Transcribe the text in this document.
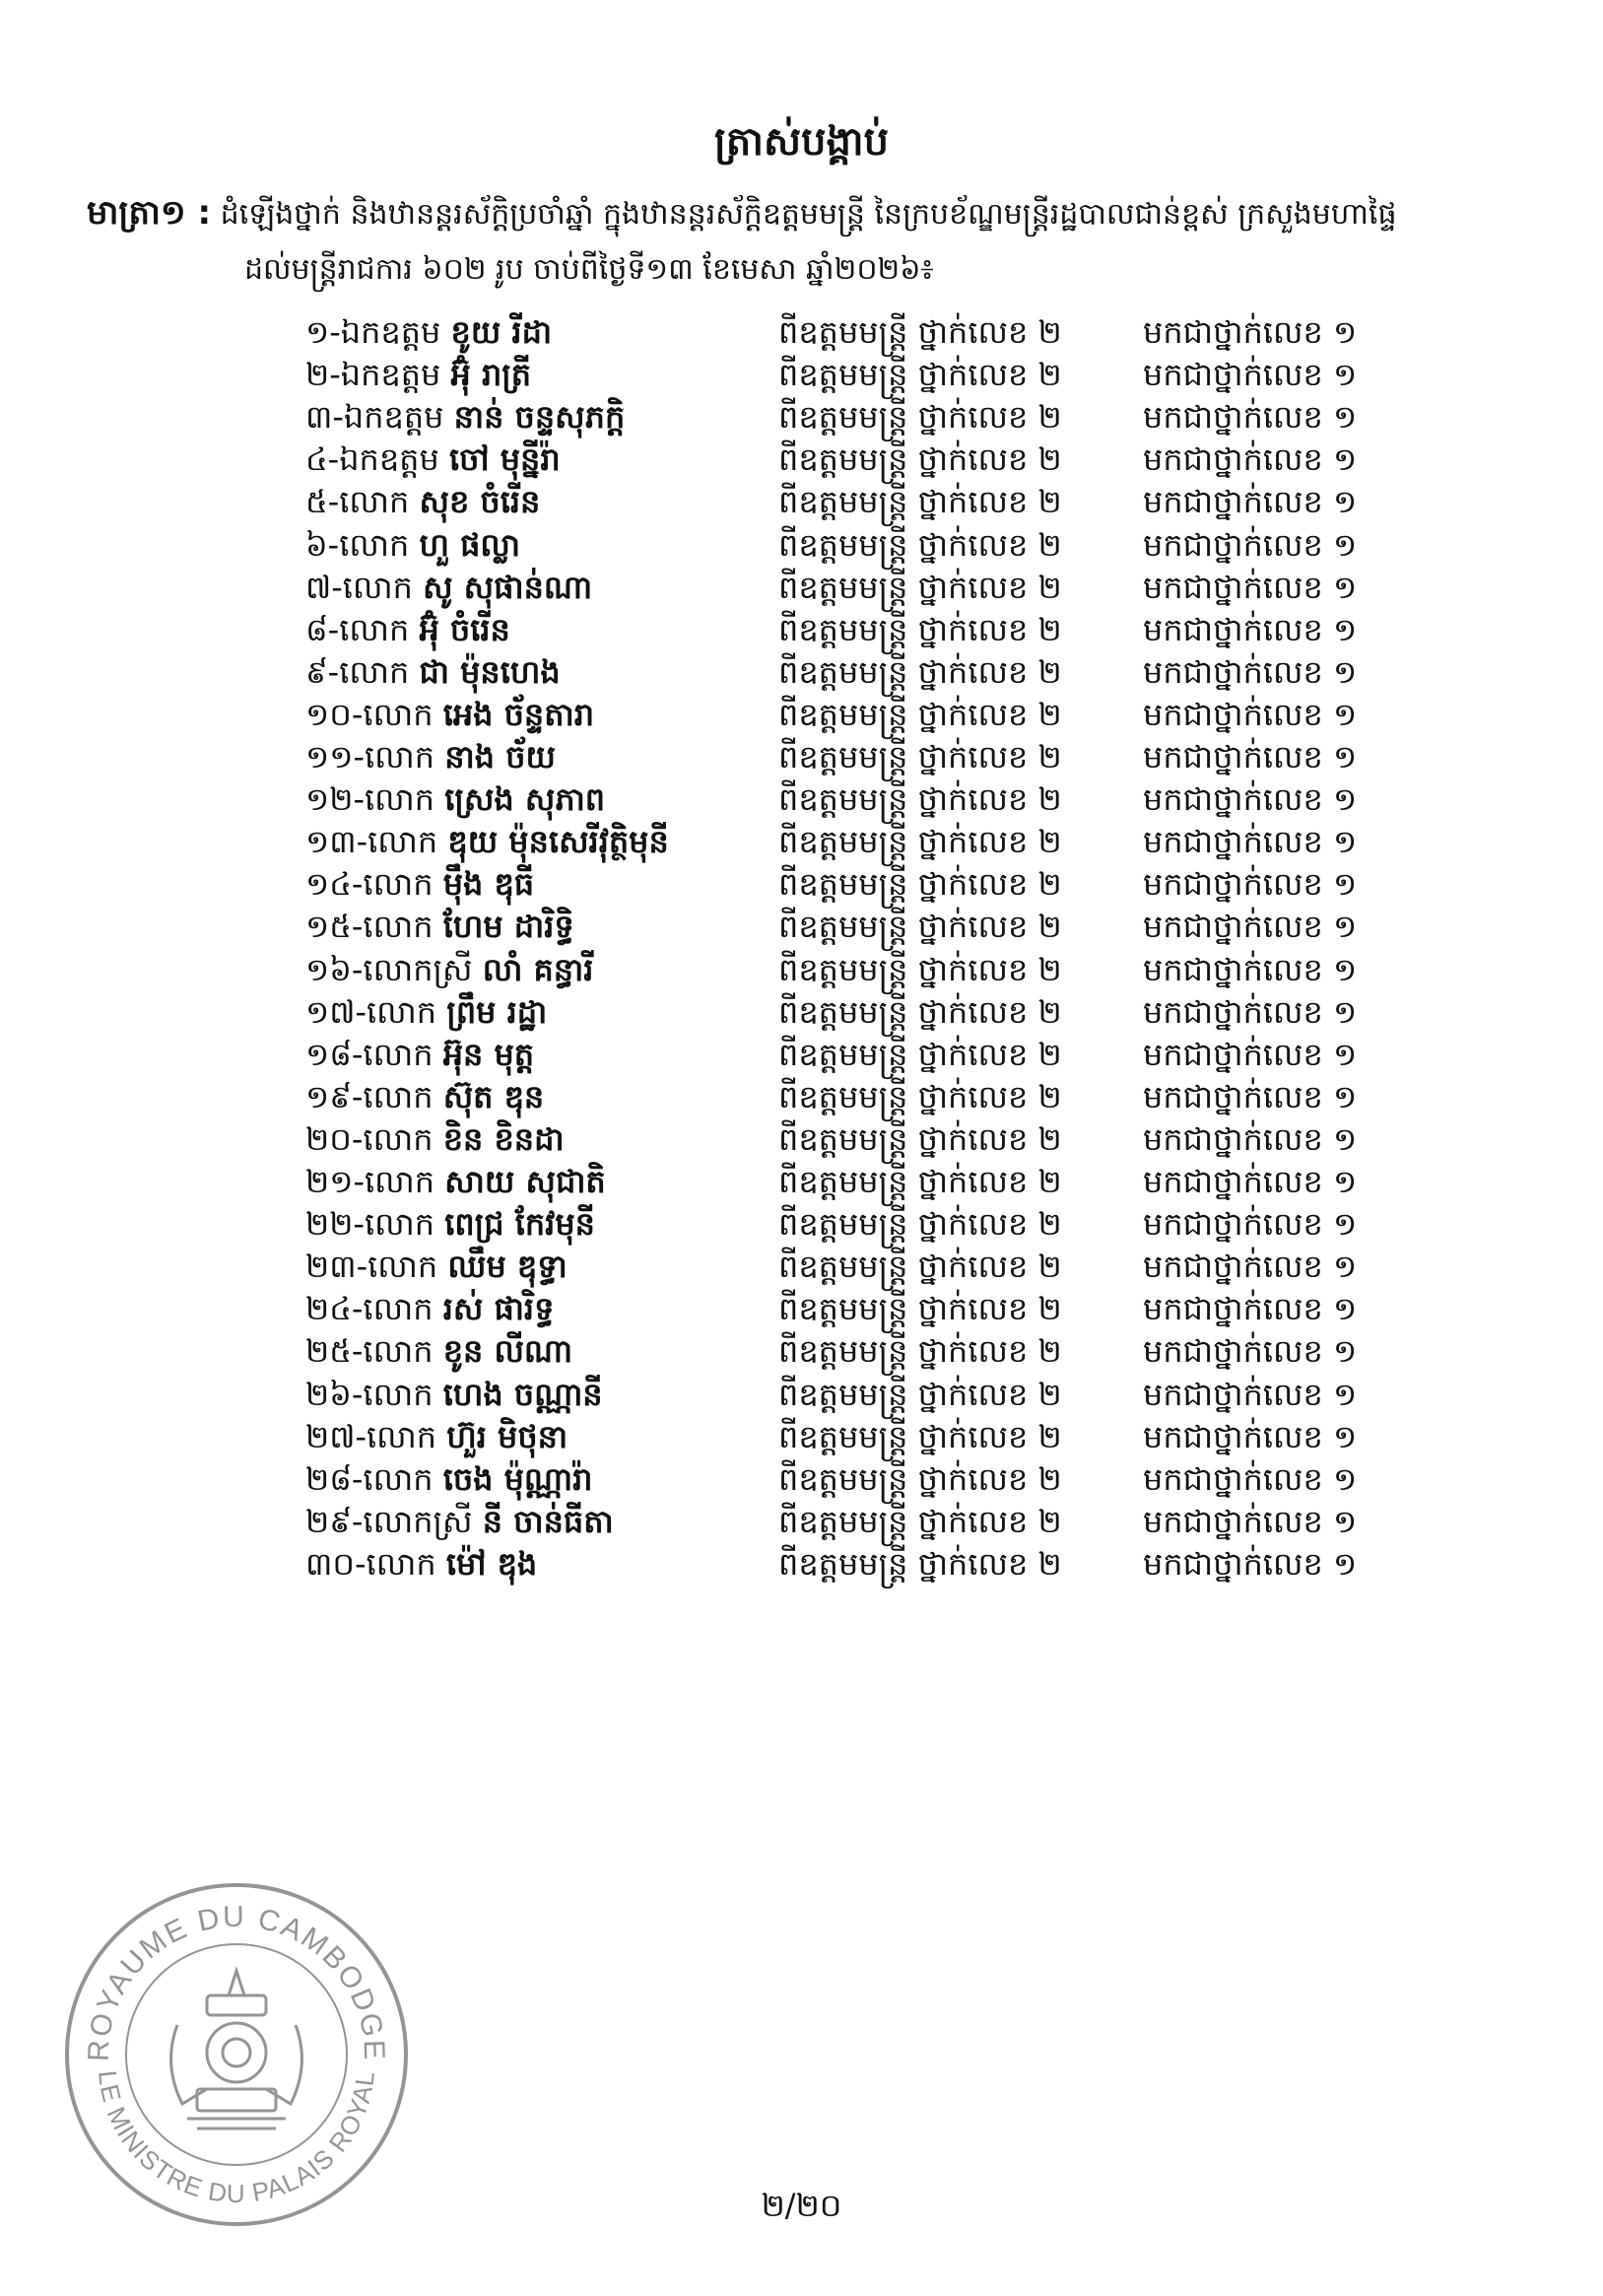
ត្រាស់បង្គាប់
មាត្រា១ : ដំឡើងថ្នាក់ និងឋានន្តរស័ក្តិប្រចាំឆ្នាំ ក្នុងឋានន្តរស័ក្តិឧត្តមមន្ត្រី នៃក្របខ័ណ្ឌមន្ត្រីរដ្ឋបាលជាន់ខ្ពស់ ក្រសួងមហាផ្ទៃ
ដល់មន្ត្រីរាជការ ៦០២ រូប ចាប់ពីថ្ងៃទី១៣ ខែមេសា ឆ្នាំ២០២៦៖
១-ឯកឧត្តម ខូយ រីដា	ពីឧត្តមមន្ត្រី ថ្នាក់លេខ ២	មកជាថ្នាក់លេខ ១
២-ឯកឧត្តម អ៊ុំ រាត្រី	ពីឧត្តមមន្ត្រី ថ្នាក់លេខ ២	មកជាថ្នាក់លេខ ១
៣-ឯកឧត្តម នាន់ ចន្ទសុភក្តិ	ពីឧត្តមមន្ត្រី ថ្នាក់លេខ ២	មកជាថ្នាក់លេខ ១
៤-ឯកឧត្តម ចៅ មុន្នីរ៉ា	ពីឧត្តមមន្ត្រី ថ្នាក់លេខ ២	មកជាថ្នាក់លេខ ១
៥-លោក សុខ ចំរើន	ពីឧត្តមមន្ត្រី ថ្នាក់លេខ ២	មកជាថ្នាក់លេខ ១
៦-លោក ហួ ផល្លា	ពីឧត្តមមន្ត្រី ថ្នាក់លេខ ២	មកជាថ្នាក់លេខ ១
៧-លោក សូ សុផាន់ណា	ពីឧត្តមមន្ត្រី ថ្នាក់លេខ ២	មកជាថ្នាក់លេខ ១
៨-លោក អ៊ុំ ចំរើន	ពីឧត្តមមន្ត្រី ថ្នាក់លេខ ២	មកជាថ្នាក់លេខ ១
៩-លោក ជា ម៉ុនហេង	ពីឧត្តមមន្ត្រី ថ្នាក់លេខ ២	មកជាថ្នាក់លេខ ១
១០-លោក អេង ច័ន្ទតារា	ពីឧត្តមមន្ត្រី ថ្នាក់លេខ ២	មកជាថ្នាក់លេខ ១
១១-លោក នាង ច័យ	ពីឧត្តមមន្ត្រី ថ្នាក់លេខ ២	មកជាថ្នាក់លេខ ១
១២-លោក ស្រេង សុភាព	ពីឧត្តមមន្ត្រី ថ្នាក់លេខ ២	មកជាថ្នាក់លេខ ១
១៣-លោក ឌុយ ម៉ុនសេរីវុត្ថិមុនី	ពីឧត្តមមន្ត្រី ថ្នាក់លេខ ២	មកជាថ្នាក់លេខ ១
១៤-លោក ម៉ឹង ឌុធី	ពីឧត្តមមន្ត្រី ថ្នាក់លេខ ២	មកជាថ្នាក់លេខ ១
១៥-លោក ហែម ដារិទ្ធិ	ពីឧត្តមមន្ត្រី ថ្នាក់លេខ ២	មកជាថ្នាក់លេខ ១
១៦-លោកស្រី លាំ គន្ធារី	ពីឧត្តមមន្ត្រី ថ្នាក់លេខ ២	មកជាថ្នាក់លេខ ១
១៧-លោក ព្រឹម រដ្ឋា	ពីឧត្តមមន្ត្រី ថ្នាក់លេខ ២	មកជាថ្នាក់លេខ ១
១៨-លោក អ៊ុន មុត្ត	ពីឧត្តមមន្ត្រី ថ្នាក់លេខ ២	មកជាថ្នាក់លេខ ១
១៩-លោក ស៊ុត ឌុន	ពីឧត្តមមន្ត្រី ថ្នាក់លេខ ២	មកជាថ្នាក់លេខ ១
២០-លោក ខិន ខិនដា	ពីឧត្តមមន្ត្រី ថ្នាក់លេខ ២	មកជាថ្នាក់លេខ ១
២១-លោក សាយ សុជាតិ	ពីឧត្តមមន្ត្រី ថ្នាក់លេខ ២	មកជាថ្នាក់លេខ ១
២២-លោក ពេជ្រ កែវមុនី	ពីឧត្តមមន្ត្រី ថ្នាក់លេខ ២	មកជាថ្នាក់លេខ ១
២៣-លោក ឈឹម ឌុទ្ធា	ពីឧត្តមមន្ត្រី ថ្នាក់លេខ ២	មកជាថ្នាក់លេខ ១
២៤-លោក រស់ ផារិទ្ធ	ពីឧត្តមមន្ត្រី ថ្នាក់លេខ ២	មកជាថ្នាក់លេខ ១
២៥-លោក ខូន លីណា	ពីឧត្តមមន្ត្រី ថ្នាក់លេខ ២	មកជាថ្នាក់លេខ ១
២៦-លោក ហេង ចណ្ណានី	ពីឧត្តមមន្ត្រី ថ្នាក់លេខ ២	មកជាថ្នាក់លេខ ១
២៧-លោក ហ៊ួរ មិថុនា	ពីឧត្តមមន្ត្រី ថ្នាក់លេខ ២	មកជាថ្នាក់លេខ ១
២៨-លោក ចេង ម៉ុណ្ណារ៉ា	ពីឧត្តមមន្ត្រី ថ្នាក់លេខ ២	មកជាថ្នាក់លេខ ១
២៩-លោកស្រី នី ចាន់ធីតា	ពីឧត្តមមន្ត្រី ថ្នាក់លេខ ២	មកជាថ្នាក់លេខ ១
៣០-លោក ម៉ៅ ឌុង	ពីឧត្តមមន្ត្រី ថ្នាក់លេខ ២	មកជាថ្នាក់លេខ ១
ROYAUME DU CAMBODGE
LE MINISTRE DU PALAIS ROYAL
២/២០
